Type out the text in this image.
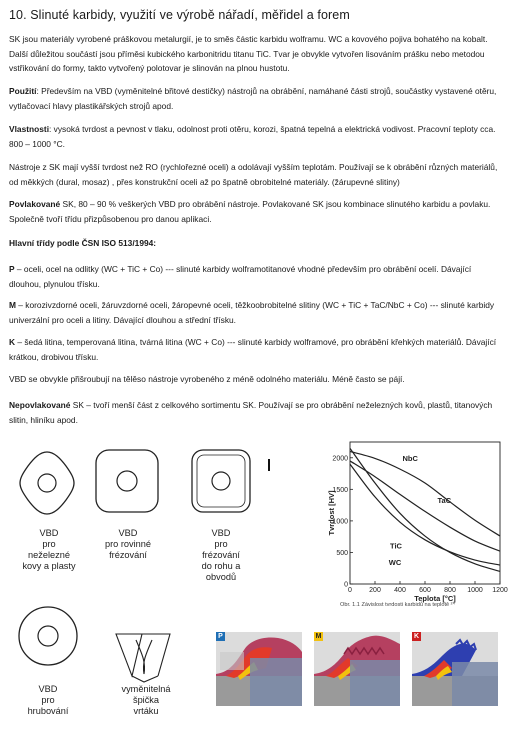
10. Slinuté karbidy, využití ve výrobě nářadí, měřidel a forem

SK jsou materiály vyrobené práškovou metalurgií, je to směs částic karbidu wolframu. WC a kovového pojiva bohatého na kobalt. Další důležitou součástí jsou příměsi kubického karbonitridu titanu TiC. Tvar je obvykle vytvořen lisováním prášku nebo metodou vstřikování do formy, takto vytvořený polotovar je slinován na plnou hustotu.

Použití: Především na VBD (vyměnitelné břitové destičky) nástrojů na obrábění, namáhané části strojů, součástky vystavené otěru, vytlačovací hlavy plastikářských strojů apod.

Vlastnosti: vysoká tvrdost a pevnost v tlaku, odolnost proti otěru, korozi, špatná tepelná a elektrická vodivost. Pracovní teploty cca. 800 – 1000 °C.

Nástroje z SK mají vyšší tvrdost než RO (rychlořezné oceli) a odolávají vyšším teplotám. Používají se k obrábění různých materiálů, od měkkých (dural, mosaz) , přes konstrukční oceli až po špatně obrobitelné materiály. (žárupevné slitiny)

Povlakované SK, 80 – 90 % veškerých VBD pro obrábění nástroje. Povlakované SK jsou kombinace slinutého karbidu a povlaku. Společně tvoří třídu přizpůsobenou pro danou aplikaci.

Hlavní třídy podle ČSN ISO 513/1994:

P – oceli, ocel na odlitky (WC + TiC + Co) --- slinuté karbidy wolframotitanové vhodné především pro obrábění ocelí. Dávající dlouhou, plynulou třísku.

M – korozivzdorné oceli, žáruvzdorné oceli, žáropevné oceli, těžkoobrobitelné slitiny (WC + TiC + TaC/NbC + Co) --- slinuté karbidy univerzální pro oceli a litiny. Dávající dlouhou a střední třísku.

K – šedá litina, temperovaná litina, tvárná litina (WC + Co) --- slinuté karbidy wolframové, pro obrábění křehkých materiálů. Dávající krátkou, drobivou třísku.

VBD se obvykle přišroubují na tělěso nástroje vyrobeného z méně odolného materiálu. Méně často se pájí.

Nepovlakované SK – tvoří menší část z celkového sortimentu SK. Používají se pro obrábění neželezných kovů, plastů, titanových slitin, hliníku apod.

VBD
pro
neželezné
kovy a plasty
VBD
pro rovinné
frézování
VBD
pro
frézování
do rohu a
obvodů
0 200 400 600 800 1000 1200
0
500
1000
1500
2000
Teplota [°C]
Tvrdost [HV]
NbC
TaC
TiC
WC
Obr. 1.1 Závislost tvrdosti karbidů na teplotě ²⁴
VBD
pro
hrubování
vyměnitelná
špička
vrtáku
P	M	K
